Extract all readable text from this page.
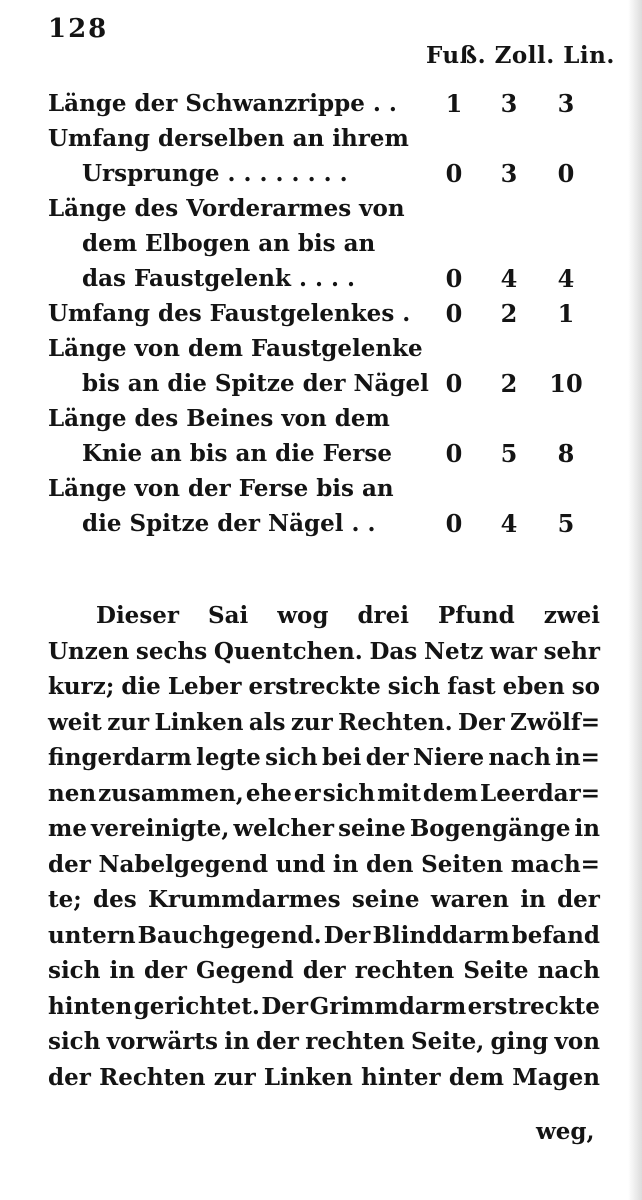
128
Fuß. Zoll. Lin.
Länge der Schwanzrippe . .	1	3	3
Umfang derselben an ihrem
Ursprunge . . . . . . . .	0	3	0
Länge des Vorderarmes von
dem Elbogen an bis an
das Faustgelenk . . . .	0	4	4
Umfang des Faustgelenkes .	0	2	1
Länge von dem Faustgelenke
bis an die Spitze der Nägel 0	2	10
Länge des Beines von dem
Knie an bis an die Ferse	0	5	8
Länge von der Ferse bis an
die Spitze der Nägel . .	0	4	5
Dieser Sai wog drei Pfund zwei
Unzen sechs Quentchen. Das Netz war sehr
kurz; die Leber erstreckte sich fast eben so
weit zur Linken als zur Rechten. Der Zwölf=
fingerdarm legte sich bei der Niere nach in=
nen zusammen, ehe er sich mit dem Leerdar=
me vereinigte, welcher seine Bogengänge in
der Nabelgegend und in den Seiten mach=
te; des Krummdarmes seine waren in der
untern Bauchgegend. Der Blinddarm befand
sich in der Gegend der rechten Seite nach
hinten gerichtet. Der Grimmdarm erstreckte
sich vorwärts in der rechten Seite, ging von
der Rechten zur Linken hinter dem Magen
weg,
